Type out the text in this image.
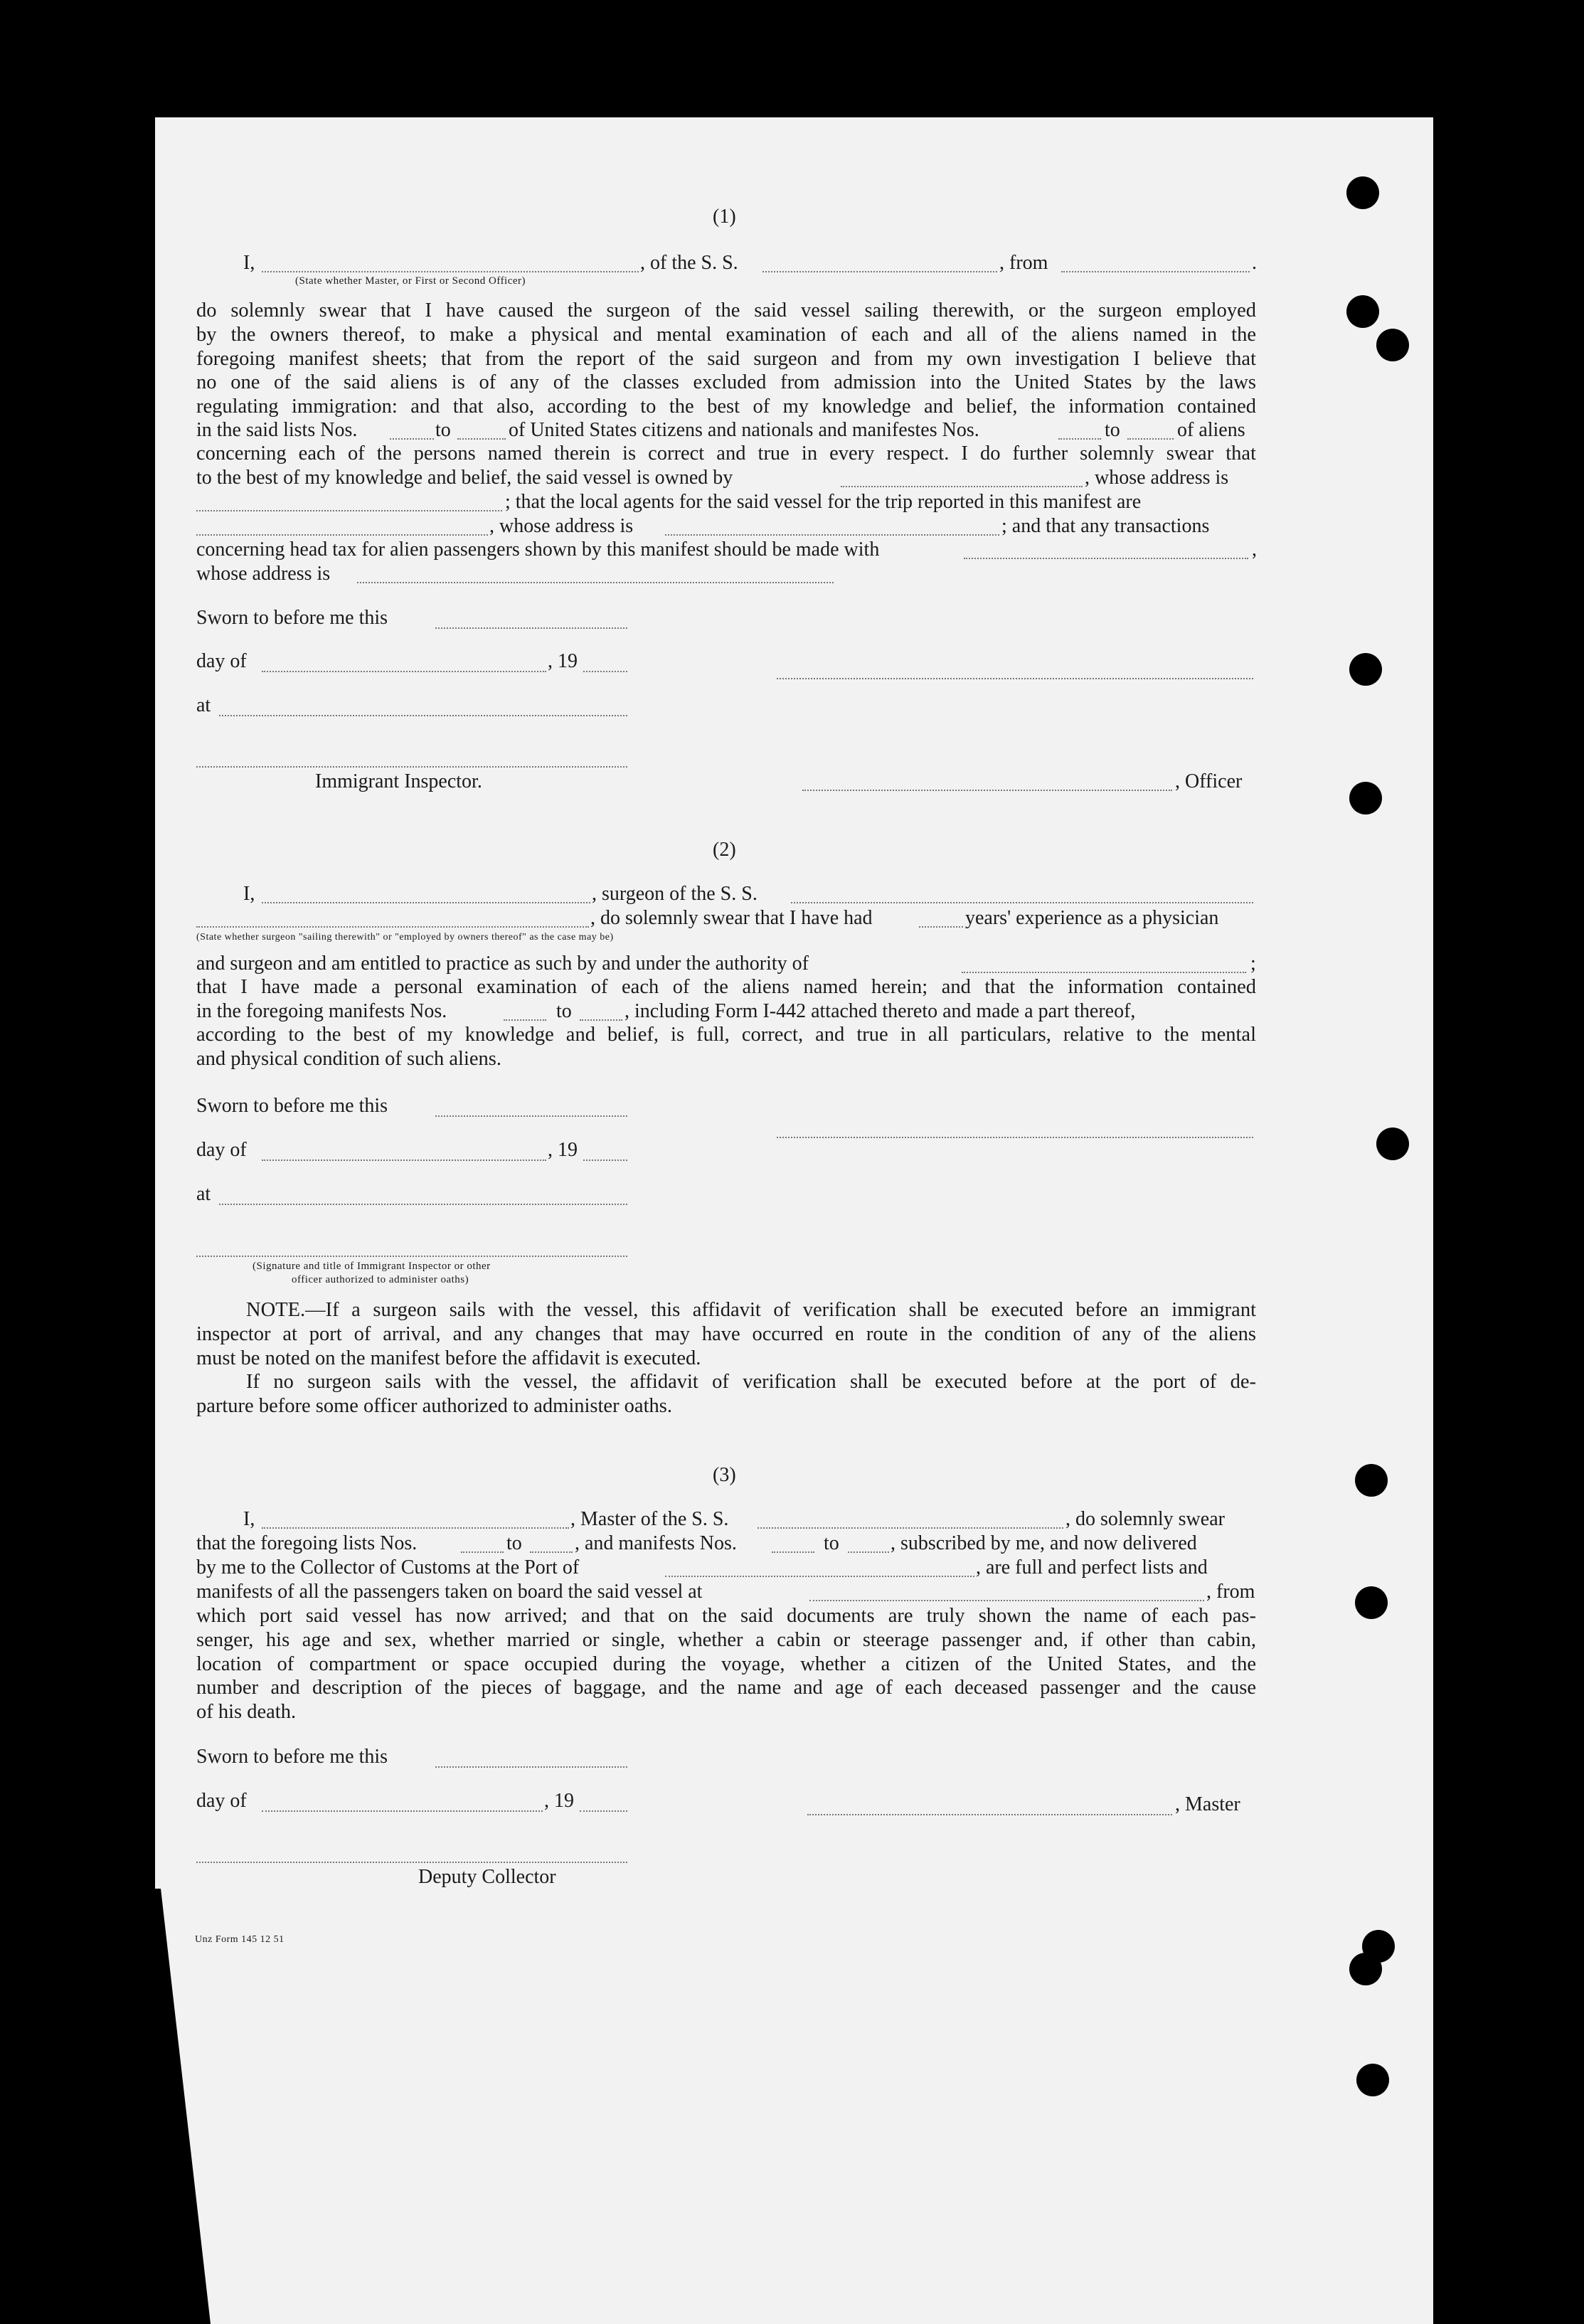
(1)
I,	, of the S. S.	, from	.
(State whether Master, or First or Second Officer)

do solemnly swear that I have caused the surgeon of the said vessel sailing therewith, or the surgeon employed

by the owners thereof, to make a physical and mental examination of each and all of the aliens named in the

foregoing manifest sheets; that from the report of the said surgeon and from my own investigation I believe that

no one of the said aliens is of any of the classes excluded from admission into the United States by the laws

regulating immigration: and that also, according to the best of my knowledge and belief, the information contained

in the said lists Nos.	to	of United States citizens and nationals and manifestes Nos.	to	of aliens

concerning each of the persons named therein is correct and true in every respect. I do further solemnly swear that

to the best of my knowledge and belief, the said vessel is owned by	, whose address is
; that the local agents for the said vessel for the trip reported in this manifest are
, whose address is	; and that any transactions
concerning head tax for alien passengers shown by this manifest should be made with	,
whose address is
Sworn to before me this
day of	, 19
at
Immigrant Inspector.	, Officer
(2)
I,	, surgeon of the S. S.
, do solemnly swear that I have had	years' experience as a physician
(State whether surgeon "sailing therewith" or "employed by owners thereof" as the case may be)
and surgeon and am entitled to practice as such by and under the authority of	;

that I have made a personal examination of each of the aliens named herein; and that the information contained

in the foregoing manifests Nos.	to	, including Form I-442 attached thereto and made a part thereof,

according to the best of my knowledge and belief, is full, correct, and true in all particulars, relative to the mental

and physical condition of such aliens.

Sworn to before me this
day of	, 19
at
(Signature and title of Immigrant Inspector or other
officer authorized to administer oaths)

NOTE.—If a surgeon sails with the vessel, this affidavit of verification shall be executed before an immigrant

inspector at port of arrival, and any changes that may have occurred en route in the condition of any of the aliens

must be noted on the manifest before the affidavit is executed.

If no surgeon sails with the vessel, the affidavit of verification shall be executed before at the port of de-

parture before some officer authorized to administer oaths.

(3)
I,	, Master of the S. S.	, do solemnly swear
that the foregoing lists Nos.	to	, and manifests Nos.	to	, subscribed by me, and now delivered
by me to the Collector of Customs at the Port of	, are full and perfect lists and
manifests of all the passengers taken on board the said vessel at	, from

which port said vessel has now arrived; and that on the said documents are truly shown the name of each pas-

senger, his age and sex, whether married or single, whether a cabin or steerage passenger and, if other than cabin,

location of compartment or space occupied during the voyage, whether a citizen of the United States, and the

number and description of the pieces of baggage, and the name and age of each deceased passenger and the cause

of his death.

Sworn to before me this
day of	, 19	, Master
Deputy Collector
Unz Form 145 12 51
